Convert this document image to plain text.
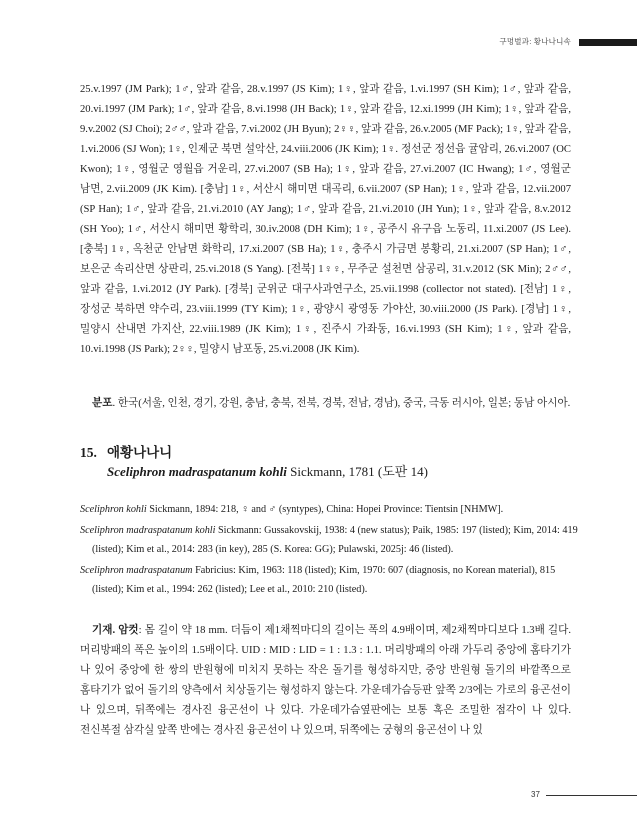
구멍벌과: 황나나니속

25.v.1997 (JM Park); 1♂, 앞과 같음, 28.v.1997 (JS Kim); 1♀, 앞과 같음, 1.vi.1997 (SH Kim); 1♂, 앞과 같음, 20.vi.1997 (JM Park); 1♂, 앞과 같음, 8.vi.1998 (JH Back); 1♀, 앞과 같음, 12.xi.1999 (JH Kim); 1♀, 앞과 같음, 9.v.2002 (SJ Choi); 2♂♂, 앞과 같음, 7.vi.2002 (JH Byun); 2♀♀, 앞과 같음, 26.v.2005 (MF Pack); 1♀, 앞과 같음, 1.vi.2006 (SJ Won); 1♀, 인제군 북면 설악산, 24.viii.2006 (JK Kim); 1♀. 정선군 정선읍 귤암리, 26.vi.2007 (OC Kwon); 1♀, 영월군 영월읍 거운리, 27.vi.2007 (SB Ha); 1♀, 앞과 같음, 27.vi.2007 (IC Hwang); 1♂, 영월군 남면, 2.vii.2009 (JK Kim). [충남] 1♀, 서산시 해미면 대곡리, 6.vii.2007 (SP Han); 1♀, 앞과 같음, 12.vii.2007 (SP Han); 1♂, 앞과 같음, 21.vi.2010 (AY Jang); 1♂, 앞과 같음, 21.vi.2010 (JH Yun); 1♀, 앞과 같음, 8.v.2012 (SH Yoo); 1♂, 서산시 해미면 황학리, 30.iv.2008 (DH Kim); 1♀, 공주시 유구읍 노동리, 11.xi.2007 (JS Lee). [충북] 1♀, 옥천군 안남면 화학리, 17.xi.2007 (SB Ha); 1♀, 충주시 가금면 봉황리, 21.xi.2007 (SP Han); 1♂, 보은군 속리산면 상판리, 25.vi.2018 (S Yang). [전북] 1♀♀, 무주군 설천면 삼공리, 31.v.2012 (SK Min); 2♂♂, 앞과 같음, 1.vi.2012 (JY Park). [경북] 군위군 대구사과연구소, 25.vii.1998 (collector not stated). [전남] 1♀, 장성군 북하면 약수리, 23.viii.1999 (TY Kim); 1♀, 광양시 광영동 가야산, 30.viii.2000 (JS Park). [경남] 1♀, 밀양시 산내면 가지산, 22.viii.1989 (JK Kim); 1♀, 진주시 가좌동, 16.vi.1993 (SH Kim); 1♀, 앞과 같음, 10.vi.1998 (JS Park); 2♀♀, 밀양시 남포동, 25.vi.2008 (JK Kim).

분포. 한국(서울, 인천, 경기, 강원, 충남, 충북, 전북, 경북, 전남, 경남), 중국, 극동 러시아, 일본; 동남 아시아.

15. 애황나나니
Sceliphron madraspatanum kohli Sickmann, 1781 (도판 14)

Sceliphron kohli Sickmann, 1894: 218, ♀ and ♂ (syntypes), China: Hopei Province: Tientsin [NHMW].

Sceliphron madraspatanum kohli Sickmann: Gussakovskij, 1938: 4 (new status); Paik, 1985: 197 (listed); Kim, 2014: 419 (listed); Kim et al., 2014: 283 (in key), 285 (S. Korea: GG); Pulawski, 2025j: 46 (listed).

Sceliphron madraspatanum Fabricius: Kim, 1963: 118 (listed); Kim, 1970: 607 (diagnosis, no Korean material), 815 (listed); Kim et al., 1994: 262 (listed); Lee et al., 2010: 210 (listed).

기재. 암컷: 몸 길이 약 18 mm. 더듬이 제1채찍마디의 길이는 폭의 4.9배이며, 제2채찍마디보다 1.3배 길다. 머리방패의 폭은 높이의 1.5배이다. UID : MID : LID = 1 : 1.3 : 1.1. 머리방패의 아래 가두리 중앙에 홈타기가 나 있어 중앙에 한 쌍의 반원형에 미치지 못하는 작은 돌기를 형성하지만, 중앙 반원형 돌기의 바깥쪽으로 홈타기가 없어 돌기의 양측에서 치상돌기는 형성하지 않는다. 가운데가슴등판 앞쪽 2/3에는 가로의 융곤선이 나 있으며, 뒤쪽에는 경사진 융곤선이 나 있다. 가운데가슴옆판에는 보통 혹은 조밀한 점각이 나 있다. 전신복절 삼각실 앞쪽 반에는 경사진 융곤선이 나 있으며, 뒤쪽에는 궁형의 융곤선이 나 있

37
